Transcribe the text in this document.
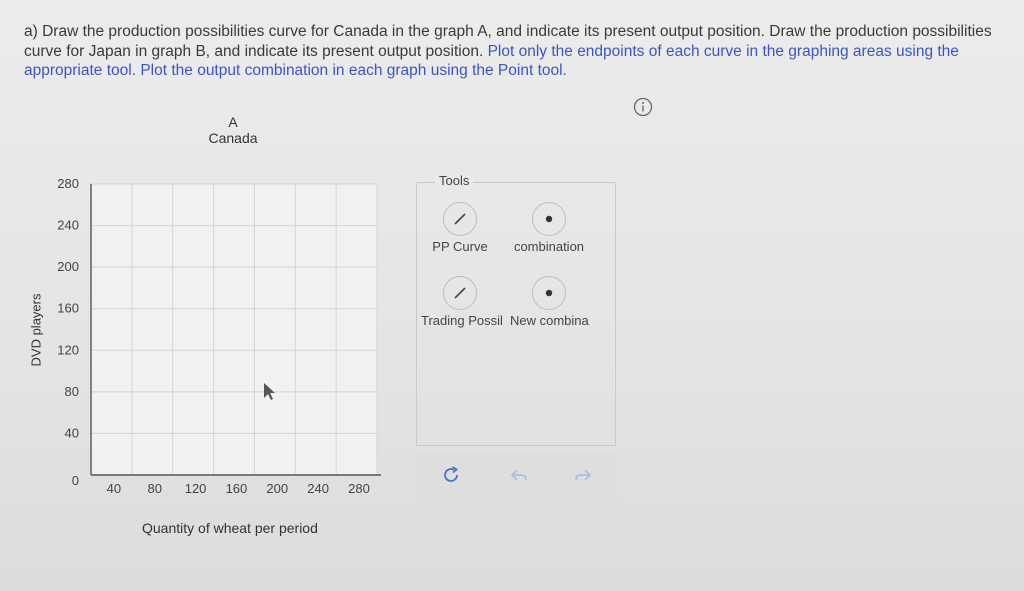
a) Draw the production possibilities curve for Canada in the graph A, and indicate its present output position. Draw the production possibilities curve for Japan in graph B, and indicate its present output position. Plot only the endpoints of each curve in the graphing areas using the appropriate tool. Plot the output combination in each graph using the Point tool.
A
Canada
DVD players
280
240
200
160
120
80
40
0
40 80 120 160 200 240 280
Quantity of wheat per period
Tools
PP Curve	combination
Trading Possil New combina
